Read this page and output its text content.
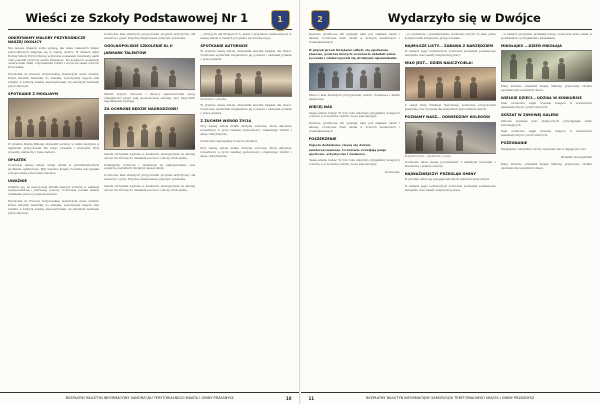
Wieści ze Szkoły Podstawowej Nr 1	1
ODKRYWAMY MALORY PRZYRODNICZE NASZEJ OKOLICY

Nie zawsze zdajemy sobie sprawę, jak wiele ciekawych miejsc przyrodniczych znajduje się w naszej okolicy. W ramach zajęć Dobrej Szkoły Przyrodniczej uczniowie poznawali rezerwaty, parki oraz pomniki przyrody gminy Przasnysz. Na kolejnych wyjazdach obserwowali ptaki, rozpoznawali rośliny i uczyli się zasad ochrony środowiska.

Wycieczka do Puszczy Kurpiowskiej dostarczyła wielu wrażeń. Dzieci zbierały materiały do zielnika, wykonywały zdjęcia oraz notatki, a zdobytą wiedzę zaprezentowały na szkolnym festiwalu przyrodniczym.

SPOTKANIE Z MOGLIAYM

W grudniu Szkołę Mikołaj odwiedził uczniów w całym budynku, a najmłodsi przygotowali dla niego piosenki i wierszyki. Były prezenty, uśmiechy i wiele radości.

OPŁATEK

Uczniowie naszej szkoły wzięli udział w przedświątecznym spotkaniu opłatkowym. Były wspólne kolędy, życzenia oraz jasełka przygotowane przez klasy młodsze.

UWAŻNIE

Ostatnio się, że nauczyciele szkolili naszych uczniów w zakresie bezpieczeństwa i pierwszej pomocy. Uczniowie poznali zasady udzielania pomocy poszkodowanym.

Wycieczka do Puszczy Kurpiowskiej dostarczyła wielu wrażeń. Dzieci zbierały materiały do zielnika, wykonywały zdjęcia oraz notatki, a zdobytą wiedzę zaprezentowały na szkolnym festiwalu przyrodniczym.

Uczniowie klas starszych przygotowali program artystyczny dla seniorów i gości. Wspólne świętowanie połączyło pokolenia.

OGÓLNOPOLSKIE SZKOLENIE KL II
JARMARK TALENTÓW

Młodzi artyści, tancerze i muzycy zaprezentowali swoje umiejętności przed całą społecznością szkolną. Jury nagrodziło najciekawsze występy.

ZA OCHRONĘ BĘDZIE NAGRODZONE!

Szkoła otrzymała nagrodę w konkursie ekologicznym za zbiórkę surowców wtórnych i działania na rzecz ochrony środowiska.

Dziękujemy rodzicom i opiekunom za zaangażowanie oraz wsparcie wszystkich inicjatyw naszej szkoły.

Uczniowie klas starszych przygotowali program artystyczny dla seniorów i gości. Wspólne świętowanie połączyło pokolenia.

Szkoła otrzymała nagrodę w konkursie ekologicznym za zbiórkę surowców wtórnych i działania na rzecz ochrony środowiska.

…„Przygody dla Przyjaciół” to jeden z projektów realizowanych w naszej szkole w ramach programu wychowawczego.

SPOTKANIE AUTORSKIE

W grudniu naszą szkołę odwiedziła autorka książek dla dzieci. Uczniowie wysłuchali fragmentów jej powieści i zadawali pytania o pracę pisarza.

Spotkanie z pisarką

W grudniu naszą szkołę odwiedziła autorka książek dla dzieci. Uczniowie wysłuchali fragmentów jej powieści i zadawali pytania o pracę pisarza.

Z ZUCHEM WŚRÓD ZYCIA

Przy naszej szkole działa drużyna zuchowa, która aktywnie uczestniczy w życiu lokalnej społeczności, organizując zbiórki i akcje charytatywne.

Serdecznie zapraszamy nowych członków.

Przy naszej szkole działa drużyna zuchowa, która aktywnie uczestniczy w życiu lokalnej społeczności, organizując zbiórki i akcje charytatywne.

BEZPŁATNY BIULETYN INFORMACYJNY SAMORZĄDU TERYTORIALNEGO MIASTA I GMINY PRZASNYSZ	10
2	Wydarzyło się w Dwójce

Pierwsze grudniowe dni upłynęły nam pod znakiem nauki i zabawy. Uczniowie brali udział w licznych konkursach i przedstawieniach.

W piątek przed Świętami odbyły się spotkania klasowe, podczas których uczniowie składali sobie życzenia i obdarowywali się drobnymi upominkami.

Dzieci z klas młodszych przygotowały ozdoby choinkowe i kartki świąteczne.

WIĘCEJ NAS

Nasza szkoła rośnie! W tym roku szkolnym przyjęliśmy kolejnych uczniów, a w budynku otwarto nowe sale lekcyjne.

Pierwsze grudniowe dni upłynęły nam pod znakiem nauki i zabawy. Uczniowie brali udział w licznych konkursach i przedstawieniach.

POSZERZENIE

Zajęcia dodatkowe cieszą się dużym zainteresowaniem. Uczniowie rozwijają pasje sportowe, artystyczne i naukowe.

Nasza szkoła rośnie! W tym roku szkolnym przyjęliśmy kolejnych uczniów, a w budynku otwarto nowe sale lekcyjne.

Uczniowie

…po konkursie i przedstawieniu uczniowie wrócili do klas, gdzie kontynuowali świąteczne przygotowania.

NAJMILSZE LISTY… ZABAWA Z NARZĘDZIEM

W ramach zajęć technicznych uczniowie poznawali podstawowe narzędzia oraz zasady bezpiecznej pracy.

MIŁO JEST… DZIEŃ NAUCZYCIELA!

Z okazji Dnia Edukacji Narodowej uczniowie przygotowali akademię oraz życzenia dla wszystkich pracowników szkoły.

POZNAMY NASZ… ODWIEDZINY KOLEGÓW
Poetycki dzień… Spotkanie z poetą

Uczniowie mieli okazję porozmawiać z lokalnymi twórcami o literaturze i pisaniu wierszy.

NAJWAŻNIEJSZY! PRZEGLĄD GMINY

W grudniu odbył się przegląd szkolnych talentów muzycznych.

W ramach zajęć technicznych uczniowie poznawali podstawowe narzędzia oraz zasady bezpiecznej pracy.

…w ramach programu profilaktycznego uczniowie brali udział w spotkaniach z policjantami i strażakami.

MIKOŁAJKI! …DZIEŃ MIKOŁAJA

Klasy młodsze odwiedził Święty Mikołaj, przynosząc słodkie upominki dla wszystkich dzieci.

WIELKIE DZIECI… UDZIAŁ W KONKURSIE

Nasi uczniowie zajęli wysokie miejsca w konkursach matematycznych i przyrodniczych.

SKRZAT W ZIMOWEJ GALERII

Zimowa wystawa prac plastycznych przyciągnęła wielu zwiedzających.

Nasi uczniowie zajęli wysokie miejsca w konkursach matematycznych i przyrodniczych.

POŻEGNANIE

Dziękujemy wszystkim, którzy wspierali nas w mijającym roku.

Wioletta Szczepańska

Klasy młodsze odwiedził Święty Mikołaj, przynosząc słodkie upominki dla wszystkich dzieci.

11	BEZPŁATNY BIULETYN INFORMACYJNY SAMORZĄDU TERYTORIALNEGO MIASTA I GMINY PRZASNYSZ
